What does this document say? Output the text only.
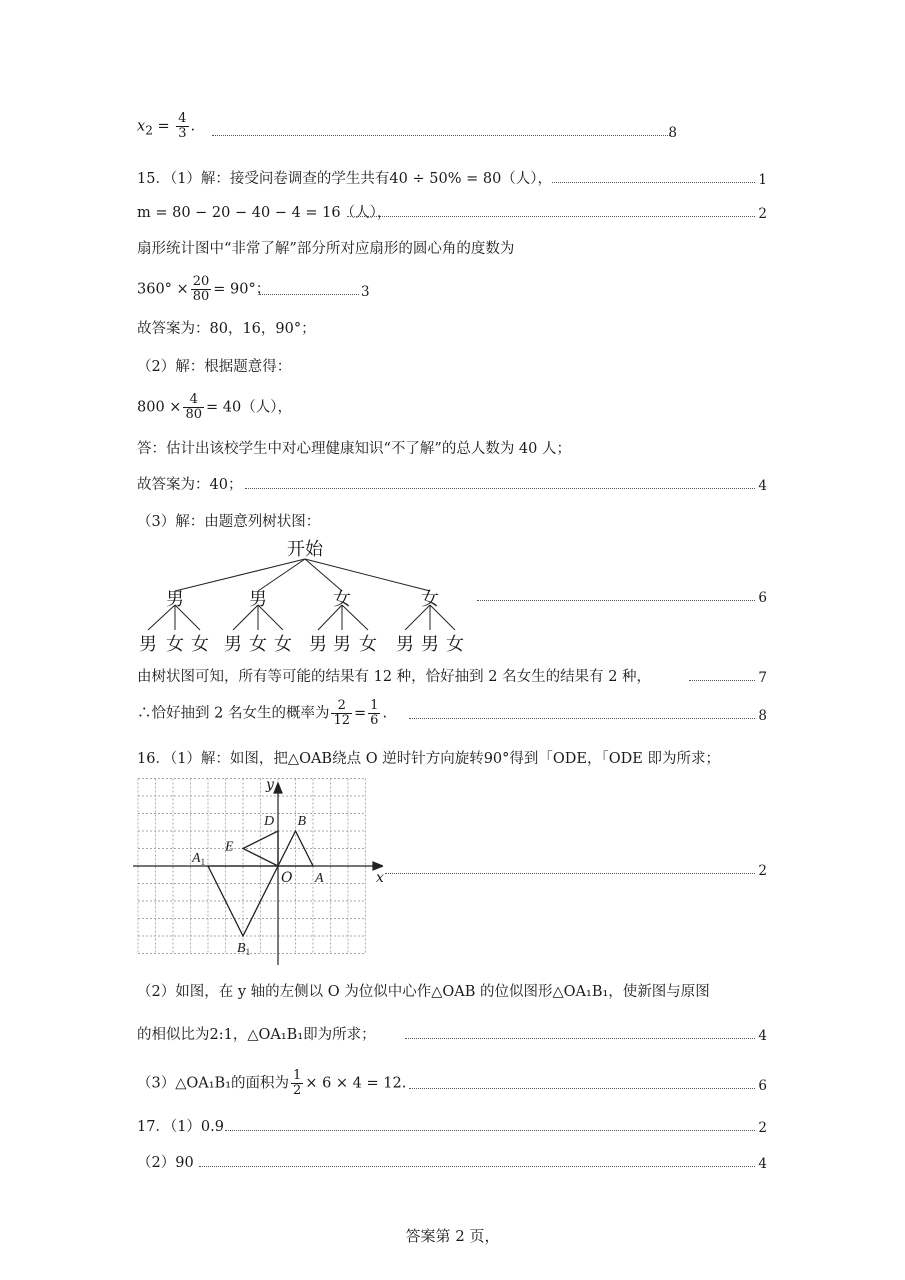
$x_2 = \frac{4}{3}$ .	8
15．（1）解：接受问卷调查的学生共有40 ÷ 50% = 80（人），	1
m = 80 − 20 − 40 − 4 = 16（人），	2
扇形统计图中“非常了解”部分所对应扇形的圆心角的度数为
$360^\circ \times \frac{20}{80} = 90^\circ$；	3
故答案为：80，16，90°；
（2）解：根据题意得：
$800 \times \frac{4}{80} = 40$（人），
答：估计出该校学生中对心理健康知识“不了解”的总人数为 40 人；
故答案为：40；	4
（3）解：由题意列树状图：
开始
男	男	女	女
男 女 女 男 女 女 男 男 女	男 男 女
6
由树状图可知，所有等可能的结果有 12 种，恰好抽到 2 名女生的结果有 2 种，	7
∴恰好抽到 2 名女生的概率为 $\frac{2}{12} = \frac{1}{6}$ .	8
16．（1）解：如图，把△OAB绕点 O 逆时针方向旋转90°得到「ODE，「ODE 即为所求；
A
B
D
E
$A_1$
$B_1$
x
y
O	2
（2）如图，在 y 轴的左侧以 O 为位似中心作△OAB 的位似图形△OA₁B₁，使新图与原图
的相似比为2:1，△OA₁B₁即为所求；	4
（3）△OA₁B₁的面积为 $\frac{1}{2} \times 6 \times 4 = 12$.	6
17．（1）0.9	2
（2）90	4
答案第 2 页，
